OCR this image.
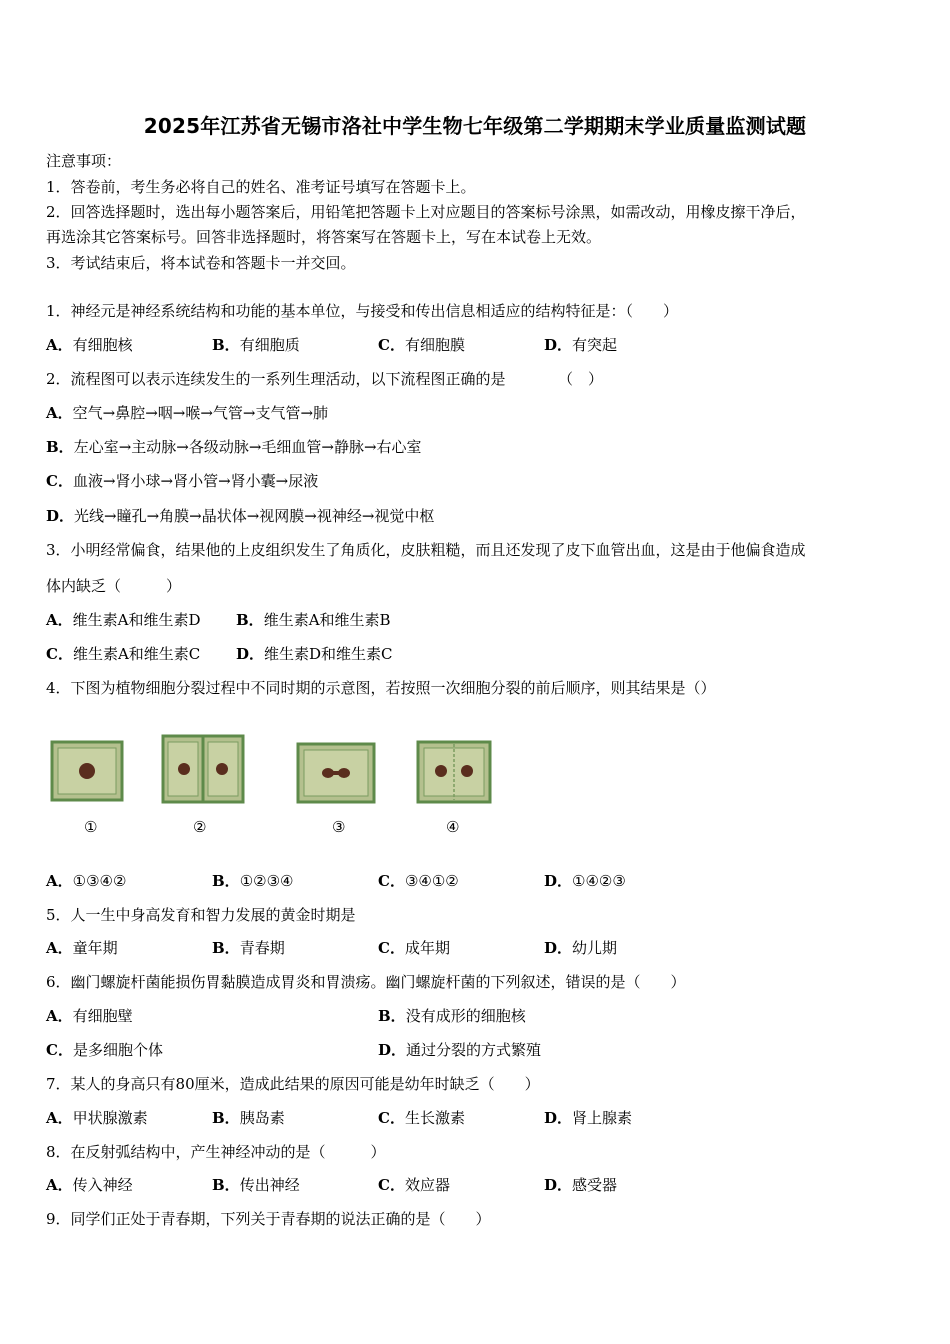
2025年江苏省无锡市洛社中学生物七年级第二学期期末学业质量监测试题
注意事项：
1．答卷前，考生务必将自己的姓名、准考证号填写在答题卡上。
2．回答选择题时，选出每小题答案后，用铅笔把答题卡上对应题目的答案标号涂黑，如需改动，用橡皮擦干净后，
再选涂其它答案标号。回答非选择题时，将答案写在答题卡上，写在本试卷上无效。
3．考试结束后，将本试卷和答题卡一并交回。
1．神经元是神经系统结构和功能的基本单位，与接受和传出信息相适应的结构特征是：（　　）
A．有细胞核	B．有细胞质	C．有细胞膜	D．有突起
2．流程图可以表示连续发生的一系列生理活动，以下流程图正确的是　　　　（　）
A．空气→鼻腔→咽→喉→气管→支气管→肺
B．左心室→主动脉→各级动脉→毛细血管→静脉→右心室
C．血液→肾小球→肾小管→肾小囊→尿液
D．光线→瞳孔→角膜→晶状体→视网膜→视神经→视觉中枢
3．小明经常偏食，结果他的上皮组织发生了角质化，皮肤粗糙，而且还发现了皮下血管出血，这是由于他偏食造成
体内缺乏（　　　）
A．维生素A和维生素D B．维生素A和维生素B
C．维生素A和维生素C D．维生素D和维生素C
4．下图为植物细胞分裂过程中不同时期的示意图，若按照一次细胞分裂的前后顺序，则其结果是（）
①	②	③	④
A．①③④②	B．①②③④	C．③④①②	D．①④②③
5．人一生中身高发育和智力发展的黄金时期是
A．童年期	B．青春期	C．成年期	D．幼儿期
6．幽门螺旋杆菌能损伤胃黏膜造成胃炎和胃溃疡。幽门螺旋杆菌的下列叙述，错误的是（　　）
A．有细胞壁	B．没有成形的细胞核
C．是多细胞个体	D．通过分裂的方式繁殖
7．某人的身高只有80厘米，造成此结果的原因可能是幼年时缺乏（　　）
A．甲状腺激素	B．胰岛素	C．生长激素	D．肾上腺素
8．在反射弧结构中，产生神经冲动的是（　　　）
A．传入神经	B．传出神经	C．效应器	D．感受器
9．同学们正处于青春期，下列关于青春期的说法正确的是（　　）
